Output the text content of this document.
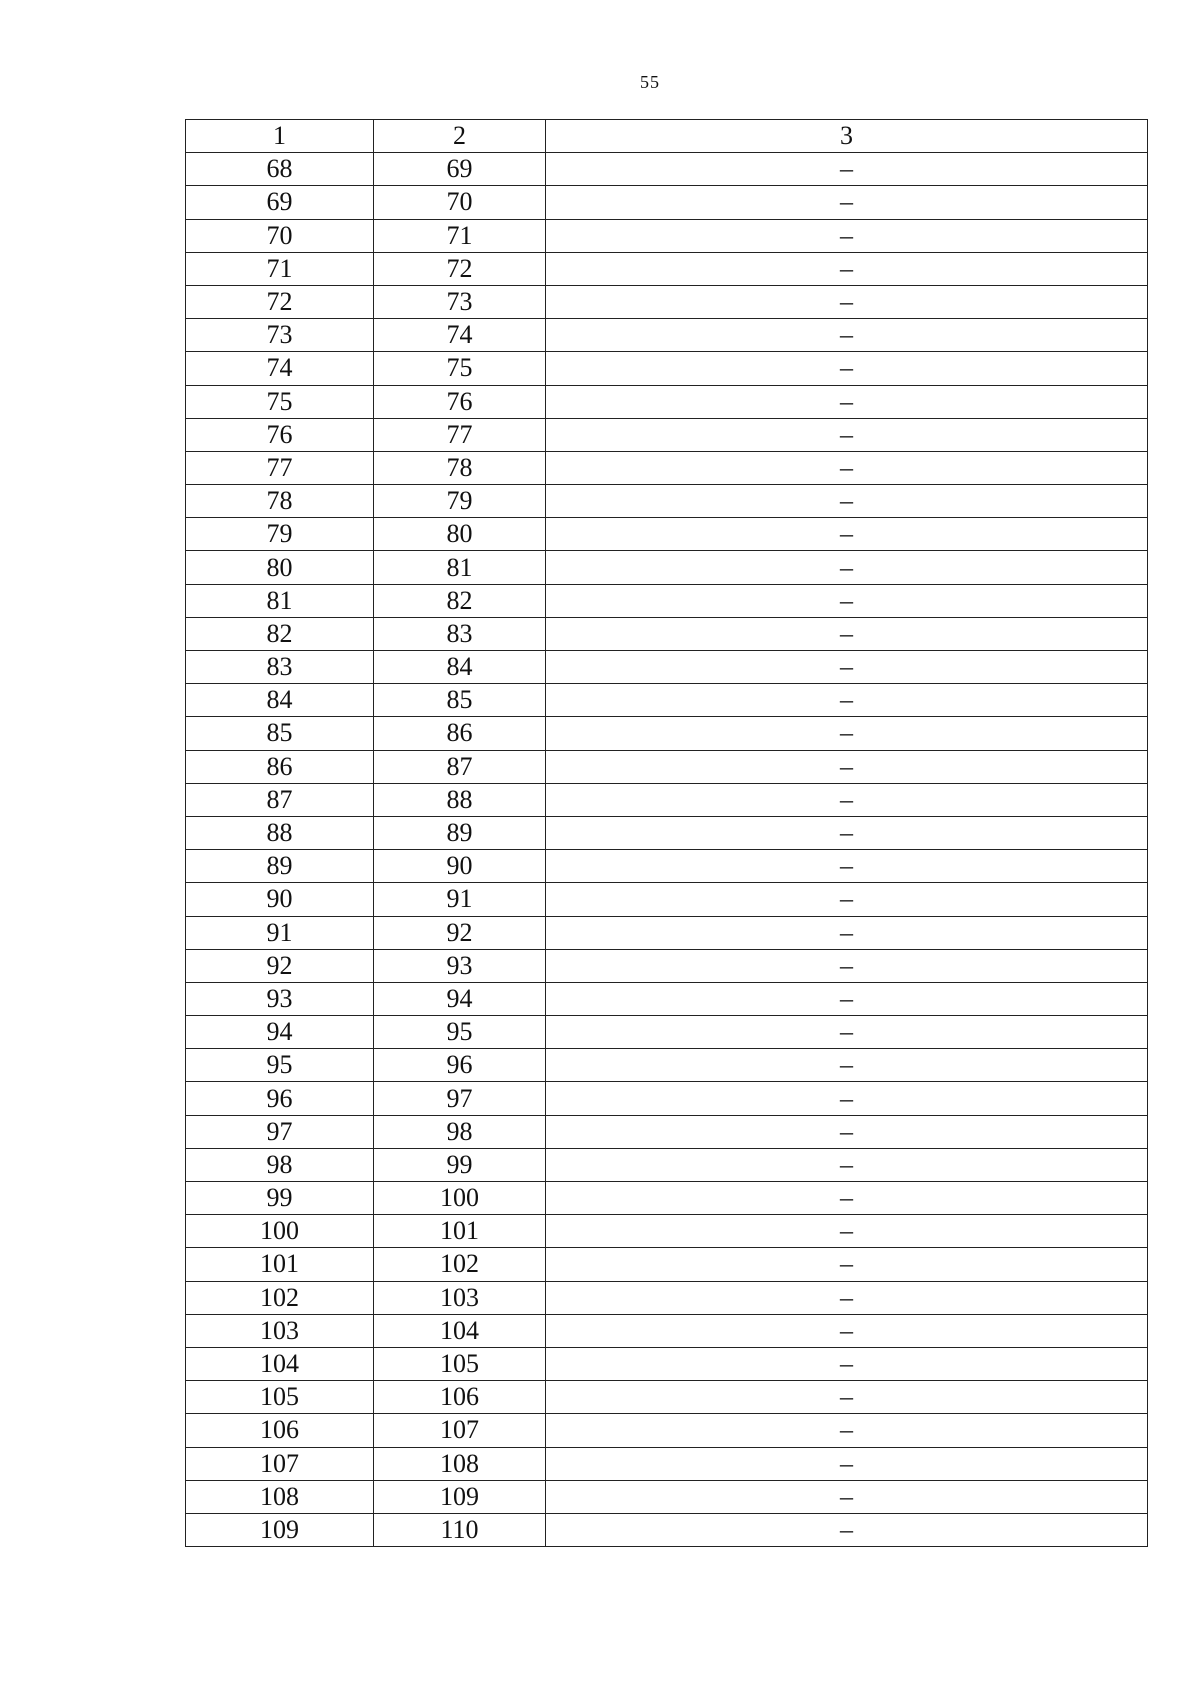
55
1	2	3
68	69	–
69	70	–
70	71	–
71	72	–
72	73	–
73	74	–
74	75	–
75	76	–
76	77	–
77	78	–
78	79	–
79	80	–
80	81	–
81	82	–
82	83	–
83	84	–
84	85	–
85	86	–
86	87	–
87	88	–
88	89	–
89	90	–
90	91	–
91	92	–
92	93	–
93	94	–
94	95	–
95	96	–
96	97	–
97	98	–
98	99	–
99	100	–
100	101	–
101	102	–
102	103	–
103	104	–
104	105	–
105	106	–
106	107	–
107	108	–
108	109	–
109	110	–
